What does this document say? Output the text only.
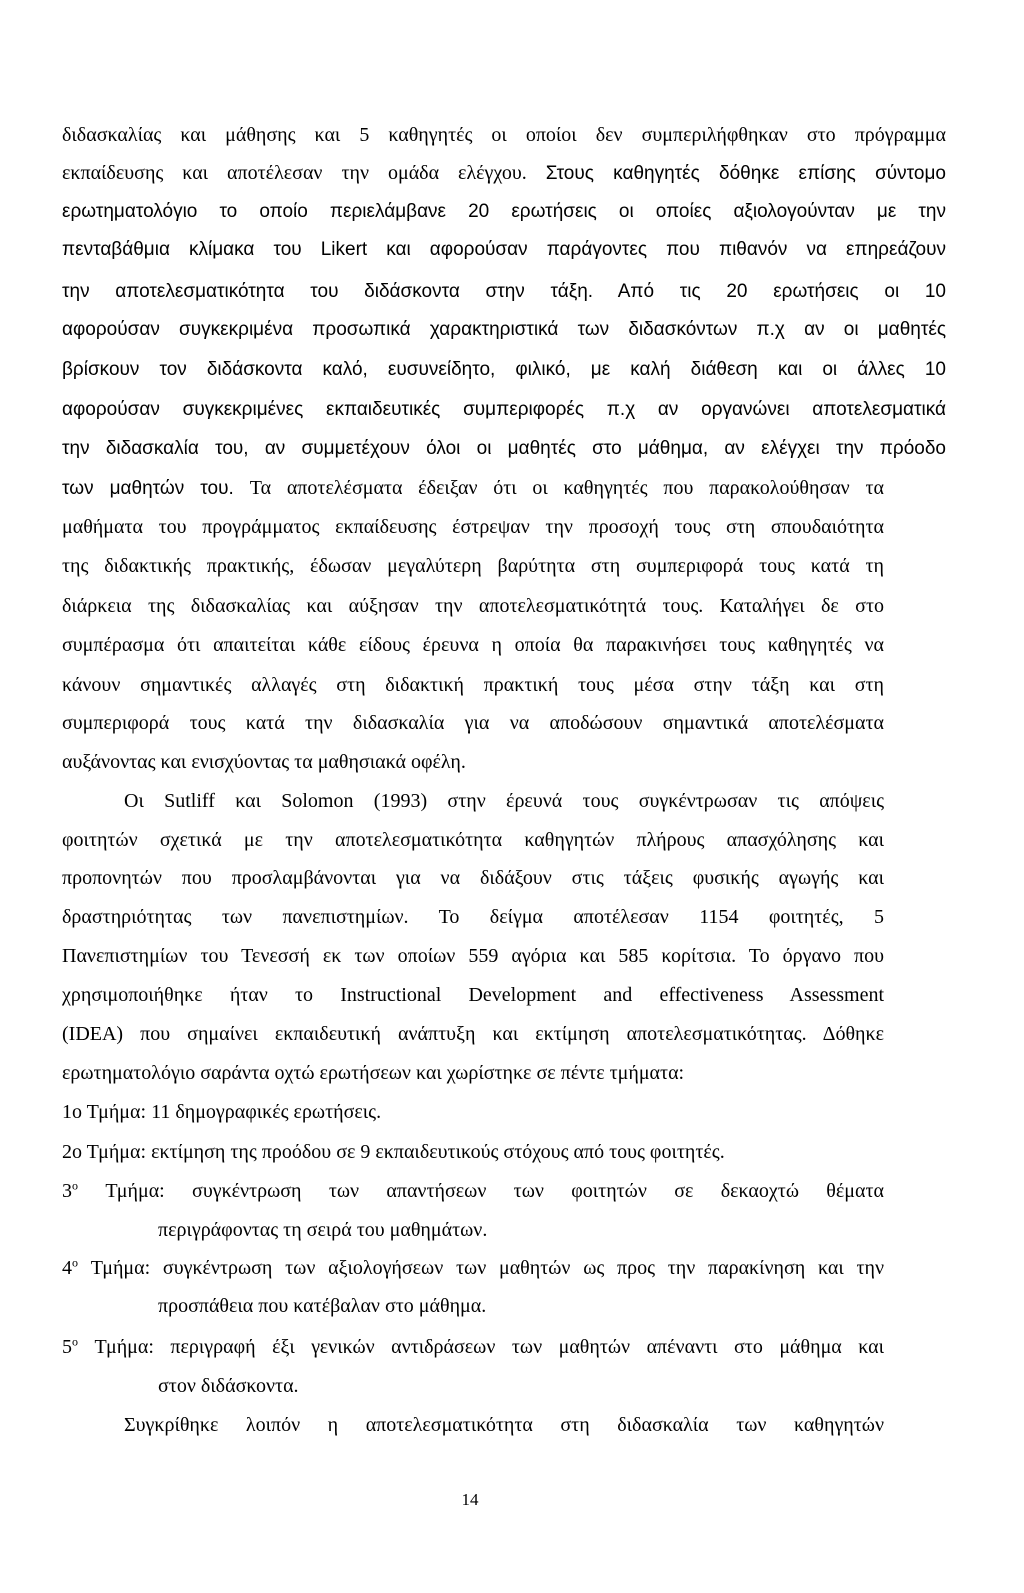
διδασκαλίας και μάθησης και 5 καθηγητές οι οποίοι δεν συμπεριλήφθηκαν στο πρόγραμμα
εκπαίδευσης και αποτέλεσαν την ομάδα ελέγχου. Στους καθηγητές δόθηκε επίσης σύντομο
ερωτηματολόγιο το οποίο περιελάμβανε 20 ερωτήσεις οι οποίες αξιολογούνταν με την
πενταβάθμια κλίμακα του Likert και αφορούσαν παράγοντες που πιθανόν να επηρεάζουν
την αποτελεσματικότητα του διδάσκοντα στην τάξη. Από τις 20 ερωτήσεις οι 10
αφορούσαν συγκεκριμένα προσωπικά χαρακτηριστικά των διδασκόντων π.χ αν οι μαθητές
βρίσκουν τον διδάσκοντα καλό, ευσυνείδητο, φιλικό, με καλή διάθεση και οι άλλες 10
αφορούσαν συγκεκριμένες εκπαιδευτικές συμπεριφορές π.χ αν οργανώνει αποτελεσματικά
την διδασκαλία του, αν συμμετέχουν όλοι οι μαθητές στο μάθημα, αν ελέγχει την πρόοδο
των μαθητών του. Τα αποτελέσματα έδειξαν ότι οι καθηγητές που παρακολούθησαν τα
μαθήματα του προγράμματος εκπαίδευσης έστρεψαν την προσοχή τους στη σπουδαιότητα
της διδακτικής πρακτικής, έδωσαν μεγαλύτερη βαρύτητα στη συμπεριφορά τους κατά τη
διάρκεια της διδασκαλίας και αύξησαν την αποτελεσματικότητά τους. Καταλήγει δε στο
συμπέρασμα ότι απαιτείται κάθε είδους έρευνα η οποία θα παρακινήσει τους καθηγητές να
κάνουν σημαντικές αλλαγές στη διδακτική πρακτική τους μέσα στην τάξη και στη
συμπεριφορά τους κατά την διδασκαλία για να αποδώσουν σημαντικά αποτελέσματα
αυξάνοντας και ενισχύοντας τα μαθησιακά οφέλη.
Οι Sutliff και Solomon (1993) στην έρευνά τους συγκέντρωσαν τις απόψεις
φοιτητών σχετικά με την αποτελεσματικότητα καθηγητών πλήρους απασχόλησης και
προπονητών που προσλαμβάνονται για να διδάξουν στις τάξεις φυσικής αγωγής και
δραστηριότητας των πανεπιστημίων. Το δείγμα αποτέλεσαν 1154 φοιτητές, 5
Πανεπιστημίων του Τενεσσή εκ των οποίων 559 αγόρια και 585 κορίτσια. Το όργανο που
χρησιμοποιήθηκε ήταν το Instructional Development and effectiveness Assessment
(IDEA) που σημαίνει εκπαιδευτική ανάπτυξη και εκτίμηση αποτελεσματικότητας. Δόθηκε
ερωτηματολόγιο σαράντα οχτώ ερωτήσεων και χωρίστηκε σε πέντε τμήματα:
1ο Τμήμα: 11 δημογραφικές ερωτήσεις.
2ο Τμήμα: εκτίμηση της προόδου σε 9 εκπαιδευτικούς στόχους από τους φοιτητές.
3$^o$ Τμήμα: συγκέντρωση των απαντήσεων των φοιτητών σε δεκαοχτώ θέματα
περιγράφοντας τη σειρά του μαθημάτων.
4$^o$ Τμήμα: συγκέντρωση των αξιολογήσεων των μαθητών ως προς την παρακίνηση και την
προσπάθεια που κατέβαλαν στο μάθημα.
5$^o$ Τμήμα: περιγραφή έξι γενικών αντιδράσεων των μαθητών απέναντι στο μάθημα και
στον διδάσκοντα.
Συγκρίθηκε λοιπόν η αποτελεσματικότητα στη διδασκαλία των καθηγητών
14
